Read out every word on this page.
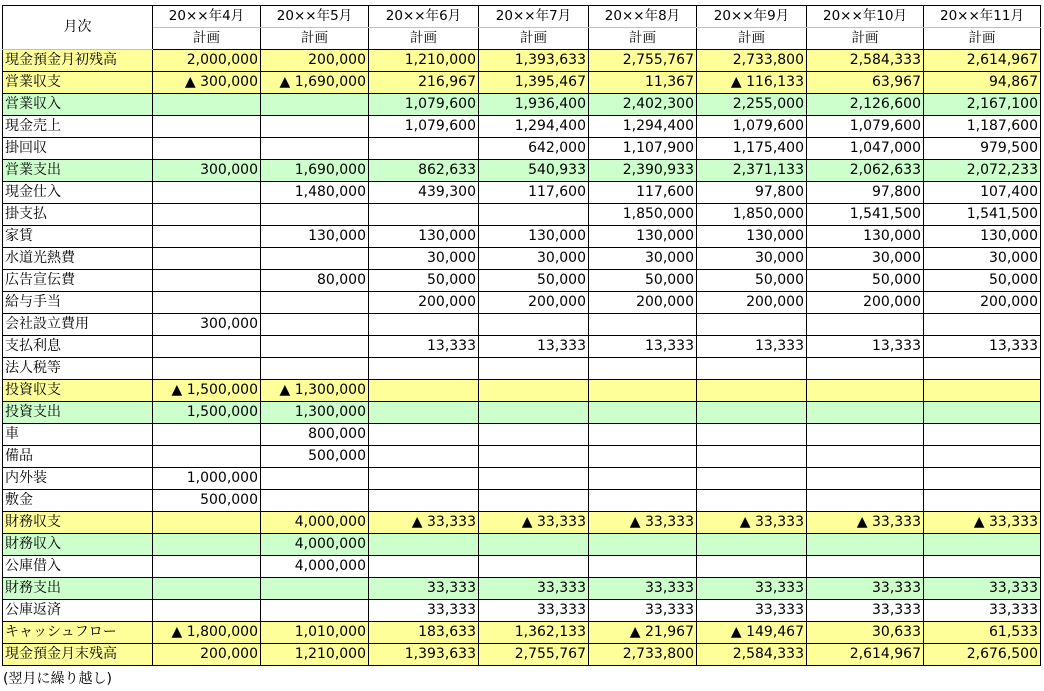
月次	20××年4月	20××年5月	20××年6月	20××年7月	20××年8月	20××年9月	20××年10月	20××年11月
	計画	計画	計画	計画	計画	計画	計画	計画
現金預金月初残高	2,000,000	200,000	1,210,000	1,393,633	2,755,767	2,733,800	2,584,333	2,614,967
営業収支	▲ 300,000	▲ 1,690,000	216,967	1,395,467	11,367	▲ 116,133	63,967	94,867
営業収入			1,079,600	1,936,400	2,402,300	2,255,000	2,126,600	2,167,100
現金売上			1,079,600	1,294,400	1,294,400	1,079,600	1,079,600	1,187,600
掛回収				642,000	1,107,900	1,175,400	1,047,000	979,500
営業支出	300,000	1,690,000	862,633	540,933	2,390,933	2,371,133	2,062,633	2,072,233
現金仕入		1,480,000	439,300	117,600	117,600	97,800	97,800	107,400
掛支払					1,850,000	1,850,000	1,541,500	1,541,500
家賃		130,000	130,000	130,000	130,000	130,000	130,000	130,000
水道光熱費			30,000	30,000	30,000	30,000	30,000	30,000
広告宣伝費		80,000	50,000	50,000	50,000	50,000	50,000	50,000
給与手当			200,000	200,000	200,000	200,000	200,000	200,000
会社設立費用	300,000							
支払利息			13,333	13,333	13,333	13,333	13,333	13,333
法人税等								
投資収支	▲ 1,500,000	▲ 1,300,000						
投資支出	1,500,000	1,300,000						
車		800,000						
備品		500,000						
内外装	1,000,000							
敷金	500,000							
財務収支		4,000,000	▲ 33,333	▲ 33,333	▲ 33,333	▲ 33,333	▲ 33,333	▲ 33,333
財務収入		4,000,000						
公庫借入		4,000,000						
財務支出			33,333	33,333	33,333	33,333	33,333	33,333
公庫返済			33,333	33,333	33,333	33,333	33,333	33,333
キャッシュフロー	▲ 1,800,000	1,010,000	183,633	1,362,133	▲ 21,967	▲ 149,467	30,633	61,533
現金預金月末残高	200,000	1,210,000	1,393,633	2,755,767	2,733,800	2,584,333	2,614,967	2,676,500
(翌月に繰り越し)
